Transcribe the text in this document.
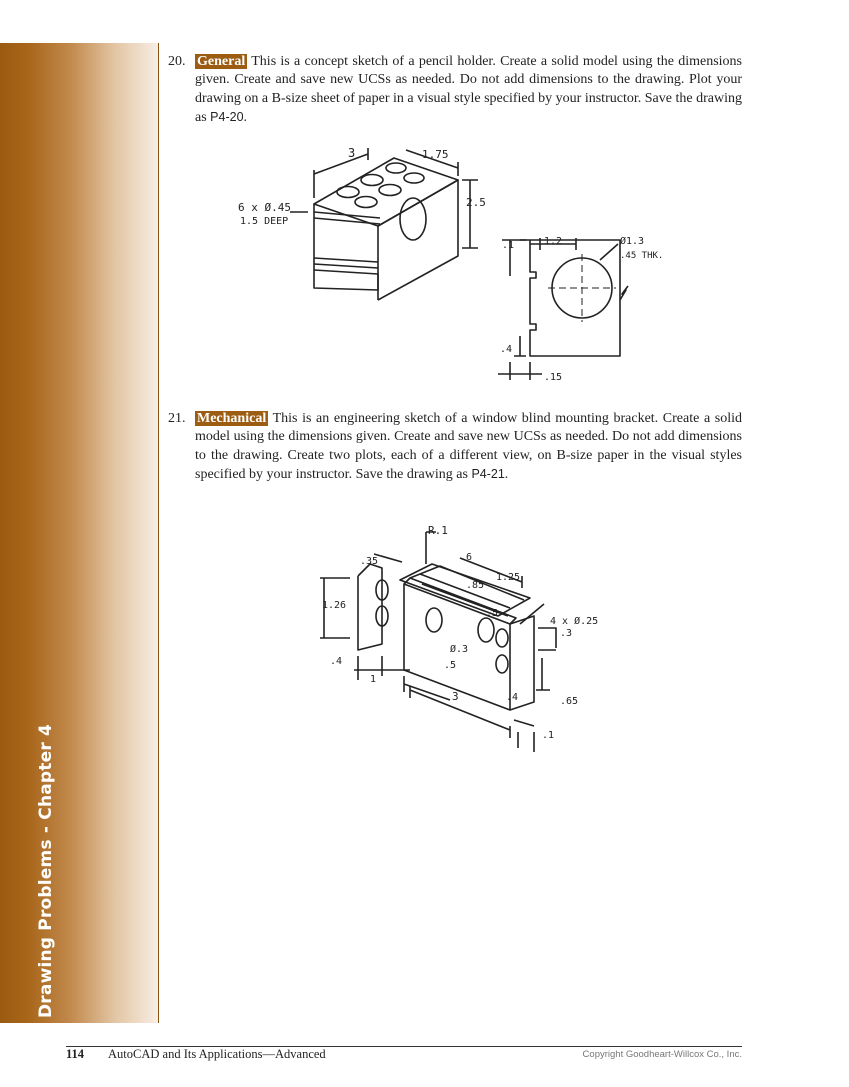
Drawing Problems - Chapter 4
20. General This is a concept sketch of a pencil holder. Create a solid model using the dimensions given. Create and save new UCSs as needed. Do not add dimensions to the drawing. Plot your drawing on a B-size sheet of paper in a visual style specified by your instructor. Save the drawing as P4-20.
3	1.75
2.5
6 x Ø.45
1.5 DEEP
.1	1.2	Ø1.3
.45 THK.
.4
.15
21. Mechanical This is an engineering sketch of a window blind mounting bracket. Create a solid model using the dimensions given. Create and save new UCSs as needed. Do not add dimensions to the drawing. Create two plots, each of a different view, on B-size paper in the visual styles specified by your instructor. Save the drawing as P4-21.
R.1
.35	.6
1.25
.85
.5
1.26
4 x Ø.25
.3
Ø.3
.4	.5
1
3	.4	.65
.1
114 AutoCAD and Its Applications—Advanced	Copyright Goodheart-Willcox Co., Inc.
